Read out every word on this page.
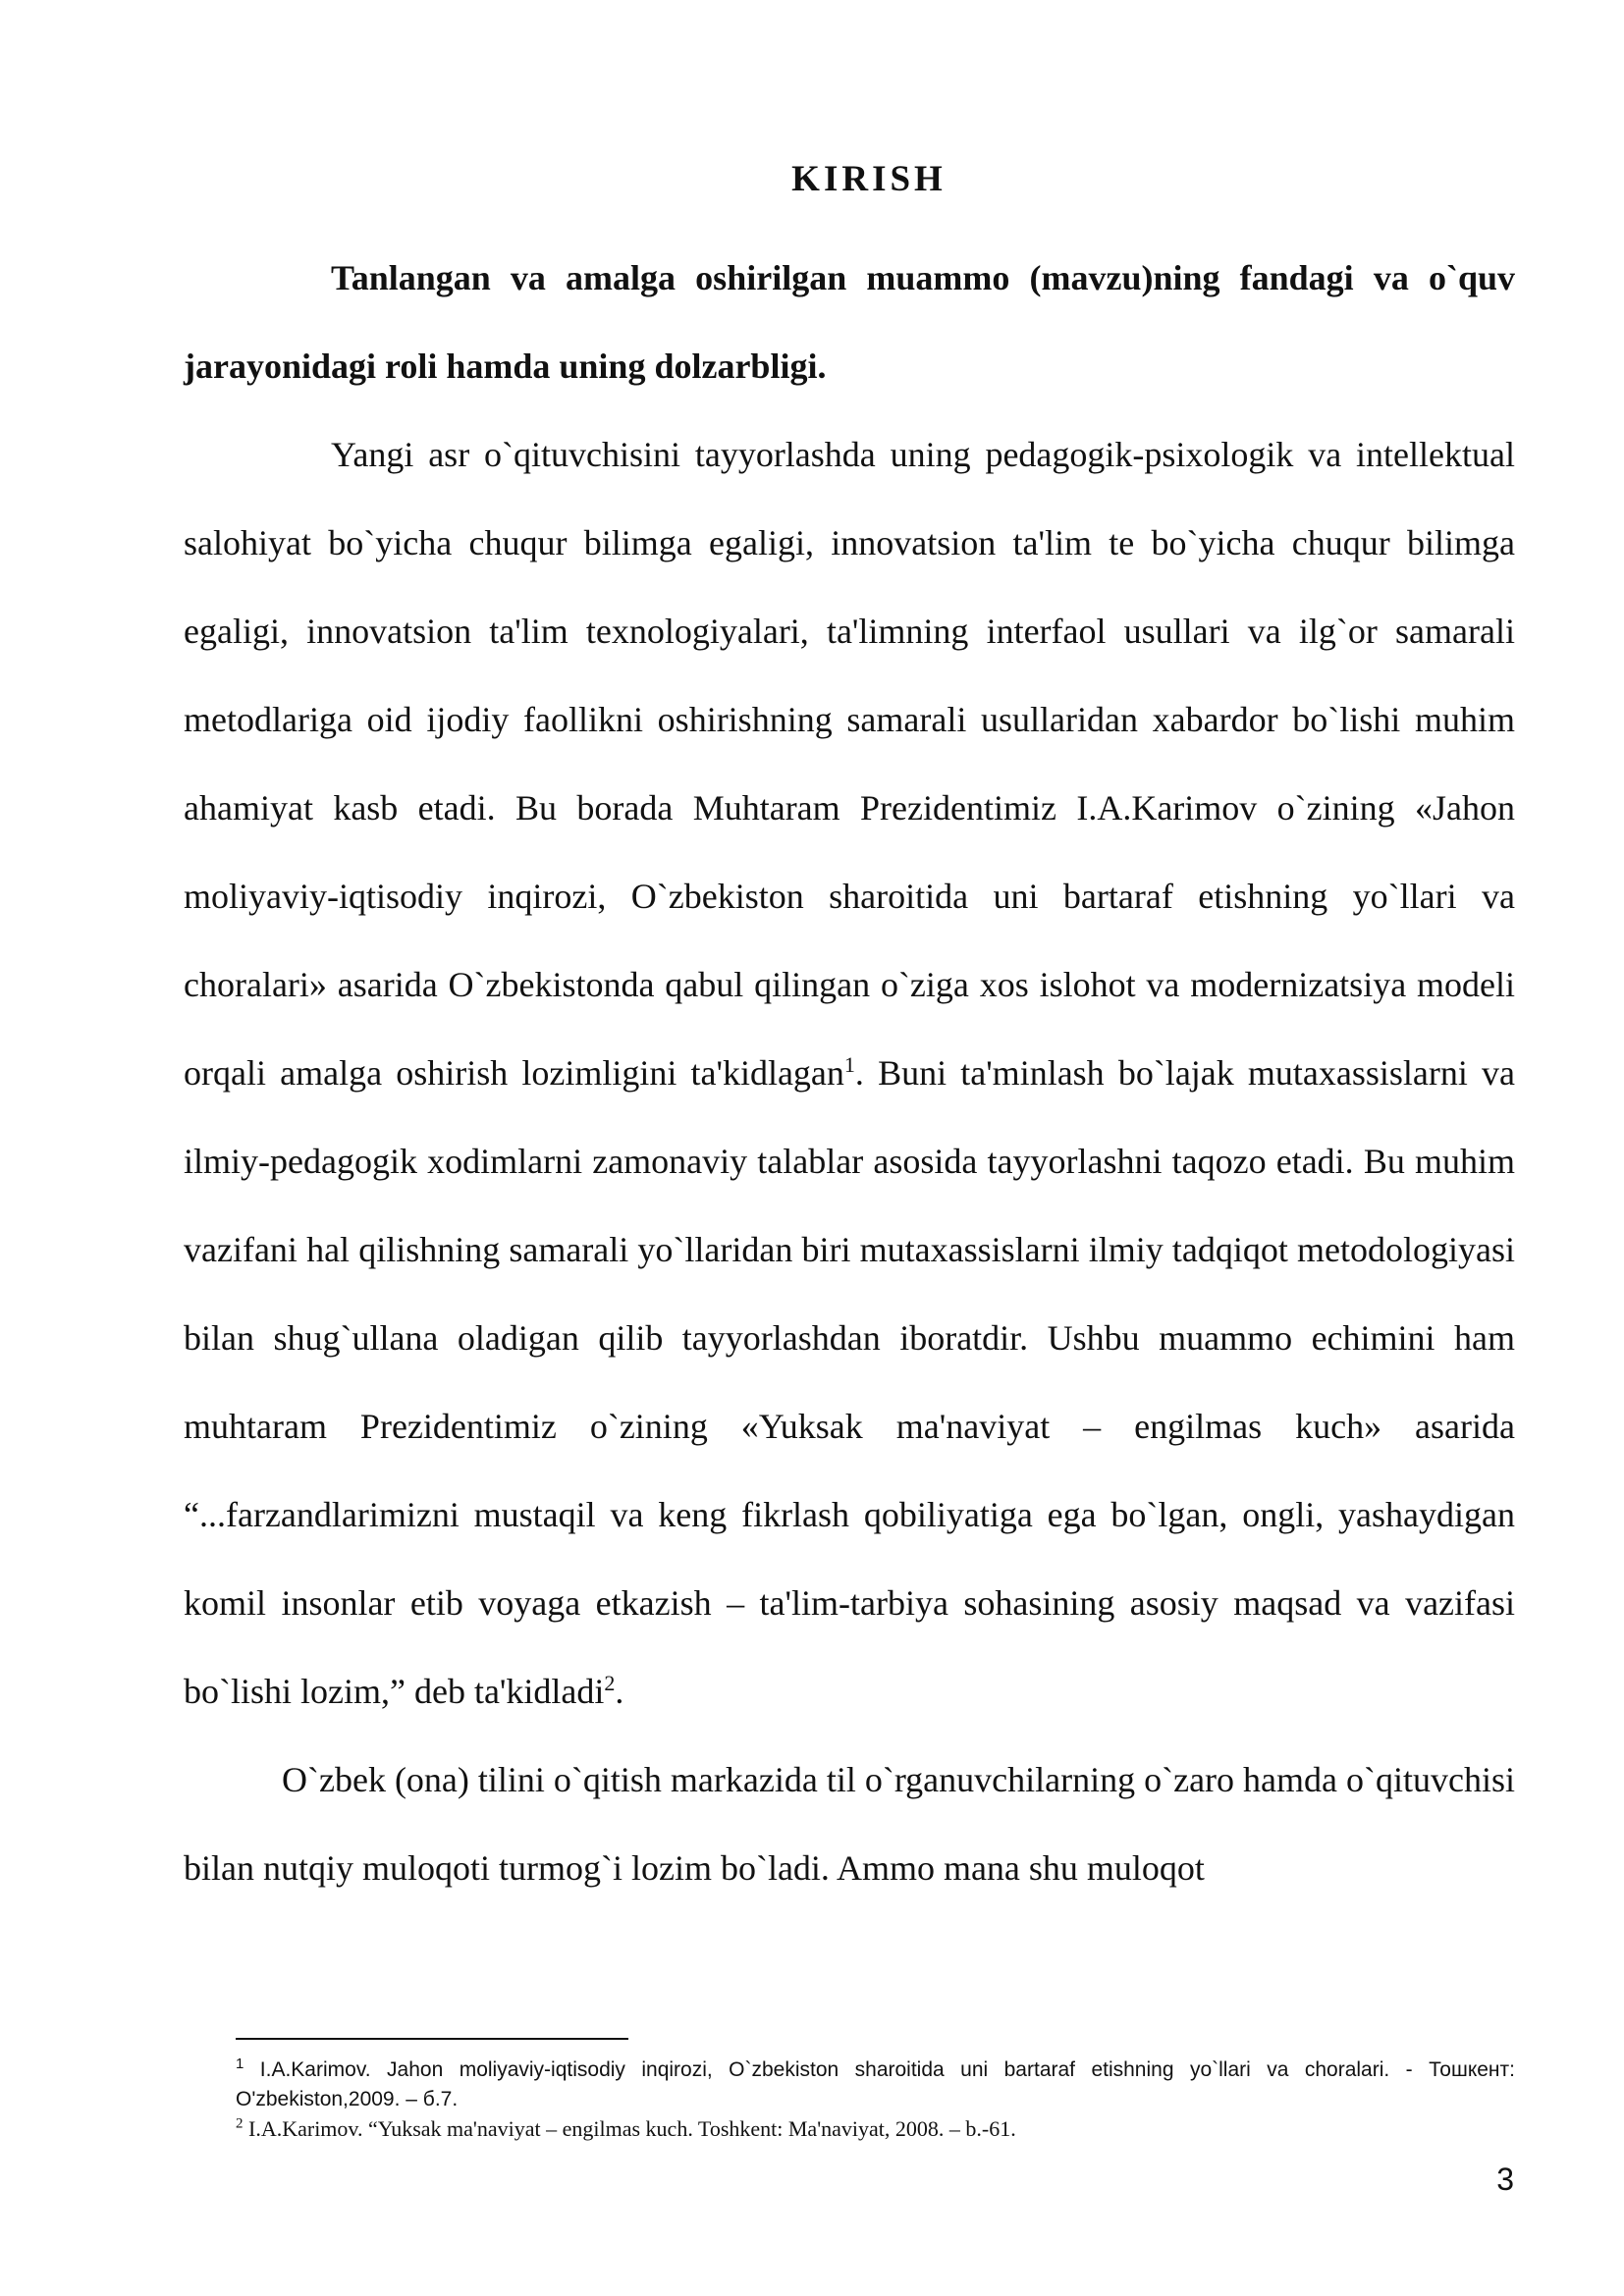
KIRISH

Tanlangan va amalga oshirilgan muammo (mavzu)ning fandagi va o`quv jarayonidagi roli hamda uning dolzarbligi.

Yangi asr o`qituvchisini tayyorlashda uning pedagogik-psixologik va intellektual salohiyat bo`yicha chuqur bilimga egaligi, innovatsion ta'lim te bo`yicha chuqur bilimga egaligi, innovatsion ta'lim texnologiyalari, ta'limning interfaol usullari va ilg`or samarali metodlariga oid ijodiy faollikni oshirishning samarali usullaridan xabardor bo`lishi muhim ahamiyat kasb etadi. Bu borada Muhtaram Prezidentimiz I.A.Karimov o`zining «Jahon moliyaviy-iqtisodiy inqirozi, O`zbekiston sharoitida uni bartaraf etishning yo`llari va choralari» asarida O`zbekistonda qabul qilingan o`ziga xos islohot va modernizatsiya modeli orqali amalga oshirish lozimligini ta'kidlagan$^1$. Buni ta'minlash bo`lajak mutaxassislarni va ilmiy-pedagogik xodimlarni zamonaviy talablar asosida tayyorlashni taqozo etadi. Bu muhim vazifani hal qilishning samarali yo`llaridan biri mutaxassislarni ilmiy tadqiqot metodologiyasi bilan shug`ullana oladigan qilib tayyorlashdan iboratdir. Ushbu muammo echimini ham muhtaram Prezidentimiz o`zining «Yuksak ma'naviyat – engilmas kuch» asarida “...farzandlarimizni mustaqil va keng fikrlash qobiliyatiga ega bo`lgan, ongli, yashaydigan komil insonlar etib voyaga etkazish – ta'lim-tarbiya sohasining asosiy maqsad va vazifasi bo`lishi lozim,” deb ta'kidladi$^2$.

O`zbek (ona) tilini o`qitish markazida til o`rganuvchilarning o`zaro hamda o`qituvchisi bilan nutqiy muloqoti turmog`i lozim bo`ladi. Ammo mana shu muloqot

$^1$ I.A.Karimov. Jahon moliyaviy-iqtisodiy inqirozi, O`zbekiston sharoitida uni bartaraf etishning yo`llari va choralari. - Тошкент: O'zbekiston,2009. – б.7.

$^2$ I.A.Karimov. “Yuksak ma'naviyat – engilmas kuch. Toshkent: Ma'naviyat, 2008. – b.-61.

3
